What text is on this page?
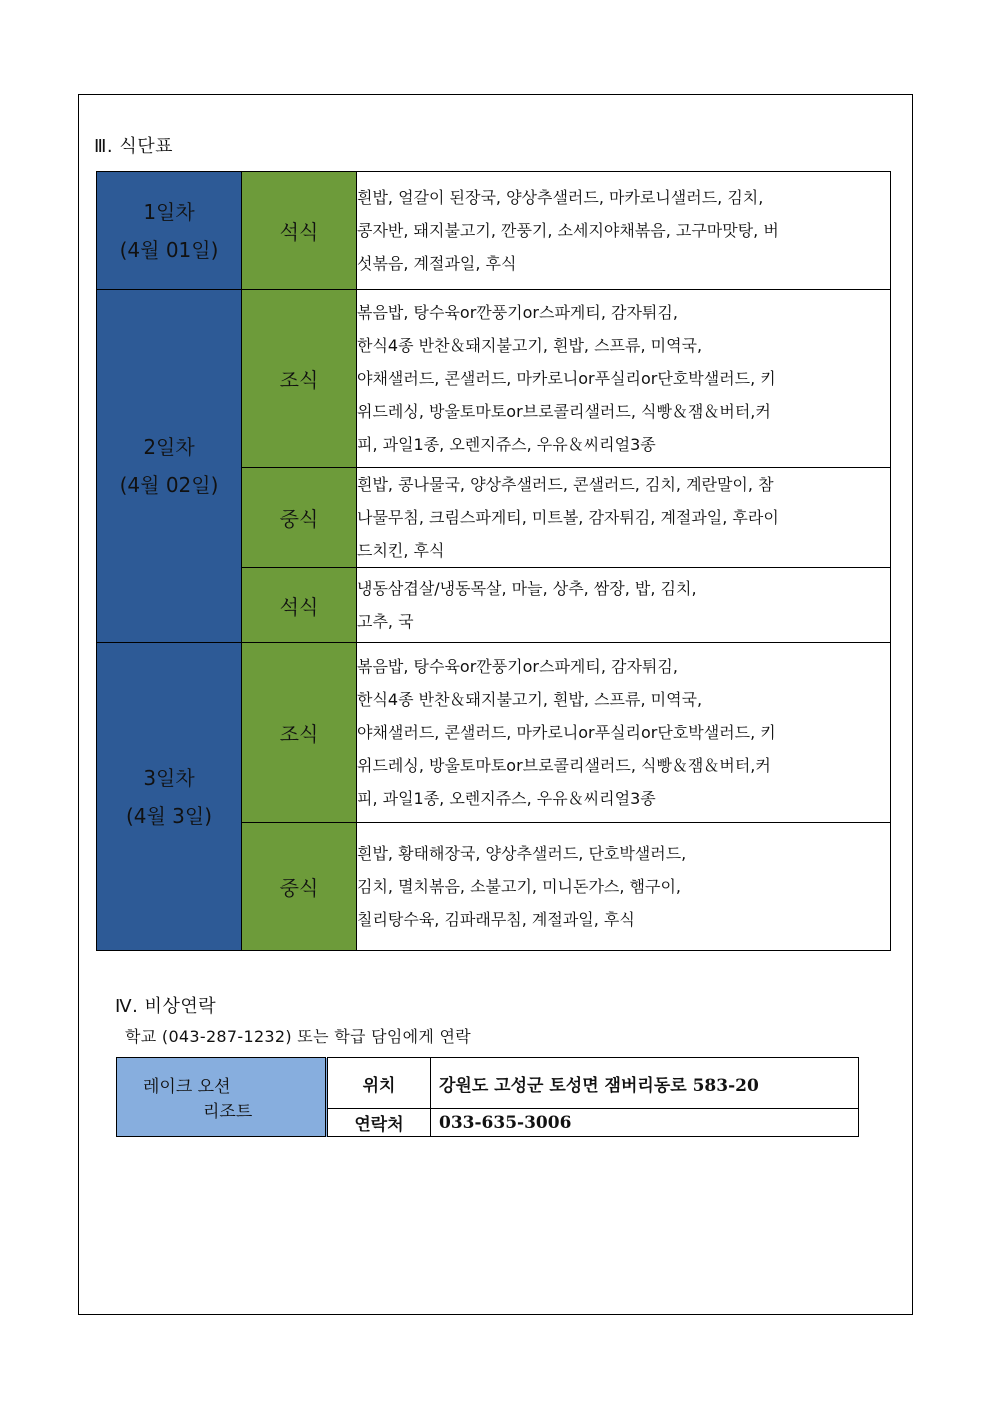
Ⅲ. 식단표
1일차
(4월 01일)	석식	흰밥, 얼갈이 된장국, 양상추샐러드, 마카로니샐러드, 김치,
콩자반, 돼지불고기, 깐풍기, 소세지야채볶음, 고구마맛탕, 버
섯볶음, 계절과일, 후식

2일차
(4월 02일)	조식	볶음밥, 탕수육or깐풍기or스파게티, 감자튀김,
한식4종 반찬＆돼지불고기, 흰밥, 스프류, 미역국,
야채샐러드, 콘샐러드, 마카로니or푸실리or단호박샐러드, 키
위드레싱, 방울토마토or브로콜리샐러드, 식빵＆잼＆버터,커
피, 과일1종, 오렌지쥬스, 우유＆씨리얼3종

	중식	흰밥, 콩나물국, 양상추샐러드, 콘샐러드, 김치, 계란말이, 참
나물무침, 크림스파게티, 미트볼, 감자튀김, 계절과일, 후라이
드치킨, 후식

	석식	냉동삼겹살/냉동목살, 마늘, 상추, 쌈장, 밥, 김치,
고추, 국

3일차
(4월 3일)	조식	볶음밥, 탕수육or깐풍기or스파게티, 감자튀김,
한식4종 반찬＆돼지불고기, 흰밥, 스프류, 미역국,
야채샐러드, 콘샐러드, 마카로니or푸실리or단호박샐러드, 키
위드레싱, 방울토마토or브로콜리샐러드, 식빵＆잼＆버터,커
피, 과일1종, 오렌지쥬스, 우유＆씨리얼3종

	중식	흰밥, 황태해장국, 양상추샐러드, 단호박샐러드,
김치, 멸치볶음, 소불고기, 미니돈가스, 햄구이,
칠리탕수육, 김파래무침, 계절과일, 후식
Ⅳ. 비상연락
학교 (043-287-1232) 또는 학급 담임에게 연락
레이크 오션
리조트	위치	강원도 고성군 토성면 잼버리동로 583-20
	연락처	033-635-3006
